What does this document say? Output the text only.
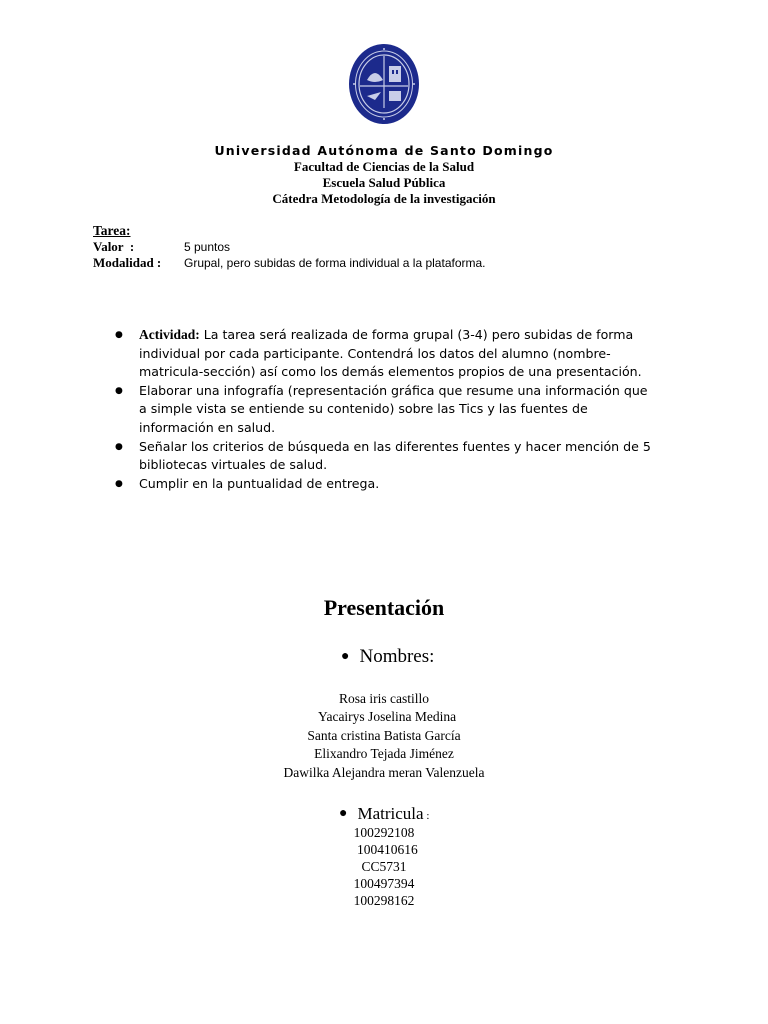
Universidad Autónoma de Santo Domingo
Facultad de Ciencias de la Salud
Escuela Salud Pública
Cátedra Metodología de la investigación
Tarea:
Valor  :	5 puntos
Modalidad :	Grupal, pero subidas de forma individual a la plataforma.
● Actividad: La tarea será realizada de forma grupal (3-4) pero subidas de forma
individual por cada participante. Contendrá los datos del alumno (nombre-
matricula-sección) así como los demás elementos propios de una presentación.
● Elaborar una infografía (representación gráfica que resume una información que
a simple vista se entiende su contenido) sobre las Tics y las fuentes de
información en salud.
● Señalar los criterios de búsqueda en las diferentes fuentes y hacer mención de 5
bibliotecas virtuales de salud.
● Cumplir en la puntualidad de entrega.
Presentación
● Nombres:
Rosa iris castillo
Yacairys Joselina Medina
Santa cristina Batista García
Elixandro Tejada Jiménez
Dawilka Alejandra meran Valenzuela
● Matricula :
100292108
100410616
CC5731
100497394
100298162
